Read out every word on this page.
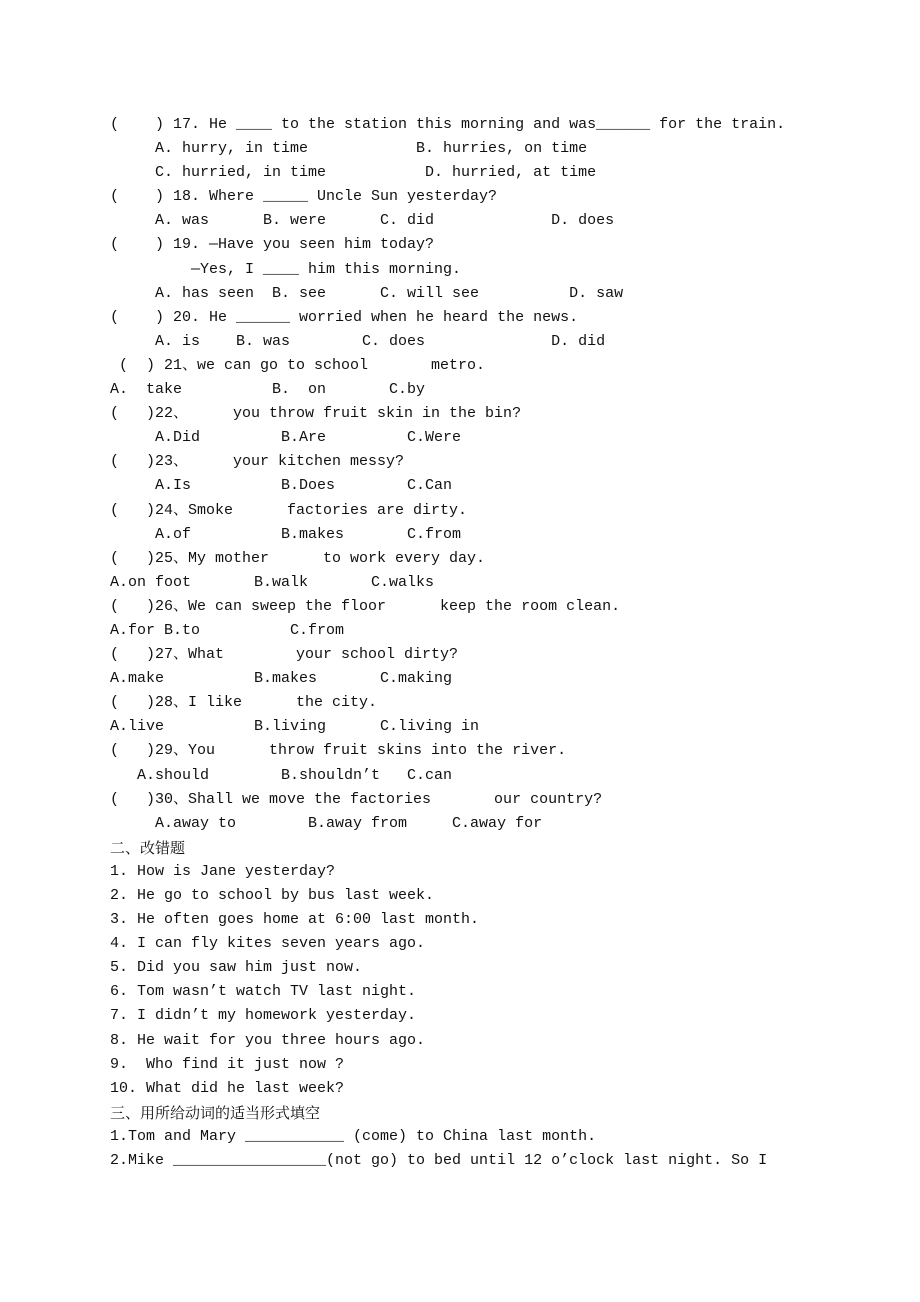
(    ) 17. He ____ to the station this morning and was______ for the train.
A. hurry, in time            B. hurries, on time
C. hurried, in time           D. hurried, at time
(    ) 18. Where _____ Uncle Sun yesterday?
A. was      B. were      C. did             D. does
(    ) 19. —Have you seen him today?
—Yes, I ____ him this morning.
A. has seen  B. see      C. will see          D. saw
(    ) 20. He ______ worried when he heard the news.
A. is    B. was        C. does              D. did
(  ) 21、we can go to school       metro.
A.  take          B.  on       C.by
(   )22、     you throw fruit skin in the bin?
A.Did         B.Are         C.Were
(   )23、     your kitchen messy?
A.Is          B.Does        C.Can
(   )24、Smoke      factories are dirty.
A.of          B.makes       C.from
(   )25、My mother      to work every day.
A.on foot       B.walk       C.walks
(   )26、We can sweep the floor      keep the room clean.
A.for B.to          C.from
(   )27、What        your school dirty?
A.make          B.makes       C.making
(   )28、I like      the city.
A.live          B.living      C.living in
(   )29、You      throw fruit skins into the river.
A.should        B.shouldn’t   C.can
(   )30、Shall we move the factories       our country?
A.away to        B.away from     C.away for
二、改错题
1. How is Jane yesterday?
2. He go to school by bus last week.
3. He often goes home at 6:00 last month.
4. I can fly kites seven years ago.
5. Did you saw him just now.
6. Tom wasn’t watch TV last night.
7. I didn’t my homework yesterday.
8. He wait for you three hours ago.
9.  Who find it just now ?
10. What did he last week?
三、用所给动词的适当形式填空
1.Tom and Mary ___________ (come) to China last month.
2.Mike _________________(not go) to bed until 12 o’clock last night. So I
